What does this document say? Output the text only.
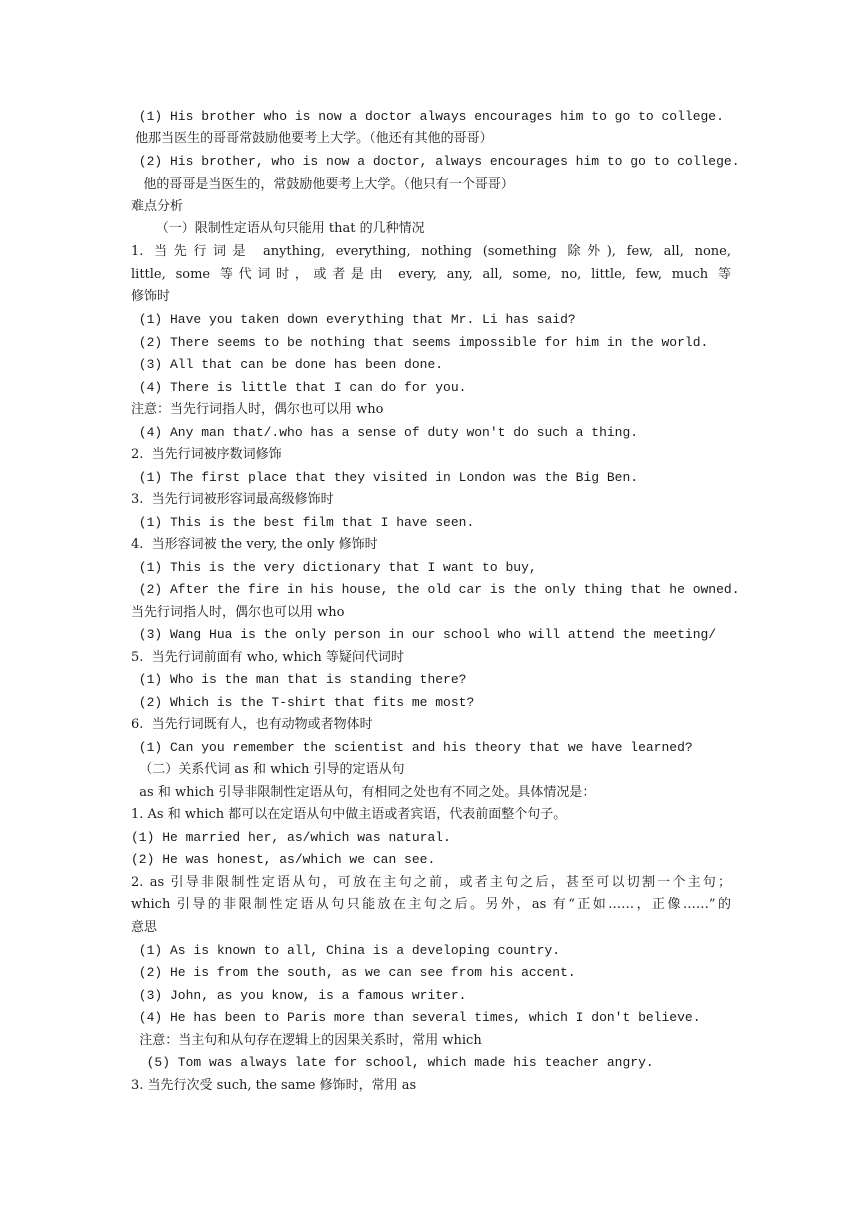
(1) His brother who is now a doctor always encourages him to go to college.
他那当医生的哥哥常鼓励他要考上大学。（他还有其他的哥哥）
(2) His brother, who is now a doctor, always encourages him to go to college.
他的哥哥是当医生的，常鼓励他要考上大学。（他只有一个哥哥）
难点分析
（一）限制性定语从句只能用 that 的几种情况
1. 当先行词是 anything, everything, nothing (something 除外), few, all, none,
little, some 等代词时，或者是由 every, any, all, some, no, little, few, much 等
修饰时
(1) Have you taken down everything that Mr. Li has said?
(2) There seems to be nothing that seems impossible for him in the world.
(3) All that can be done has been done.
(4) There is little that I can do for you.
注意：当先行词指人时，偶尔也可以用 who
(4) Any man that/.who has a sense of duty won't do such a thing.
2.  当先行词被序数词修饰
(1) The first place that they visited in London was the Big Ben.
3.  当先行词被形容词最高级修饰时
(1) This is the best film that I have seen.
4.  当形容词被 the very, the only 修饰时
(1) This is the very dictionary that I want to buy,
(2) After the fire in his house, the old car is the only thing that he owned.
当先行词指人时，偶尔也可以用 who
(3) Wang Hua is the only person in our school who will attend the meeting/
5.  当先行词前面有 who, which 等疑问代词时
(1) Who is the man that is standing there?
(2) Which is the T-shirt that fits me most?
6.  当先行词既有人，也有动物或者物体时
(1) Can you remember the scientist and his theory that we have learned?
（二）关系代词 as 和 which 引导的定语从句
as 和 which 引导非限制性定语从句，有相同之处也有不同之处。具体情况是：
1. As 和 which 都可以在定语从句中做主语或者宾语，代表前面整个句子。
(1) He married her, as/which was natural.
(2) He was honest, as/which we can see.
2. as 引导非限制性定语从句，可放在主句之前，或者主句之后，甚至可以切割一个主句；
which 引导的非限制性定语从句只能放在主句之后。另外，as 有“正如……，正像……”的
意思
(1) As is known to all, China is a developing country.
(2) He is from the south, as we can see from his accent.
(3) John, as you know, is a famous writer.
(4) He has been to Paris more than several times, which I don't believe.
注意：当主句和从句存在逻辑上的因果关系时，常用 which
(5) Tom was always late for school, which made his teacher angry.
3. 当先行次受 such, the same 修饰时，常用 as
